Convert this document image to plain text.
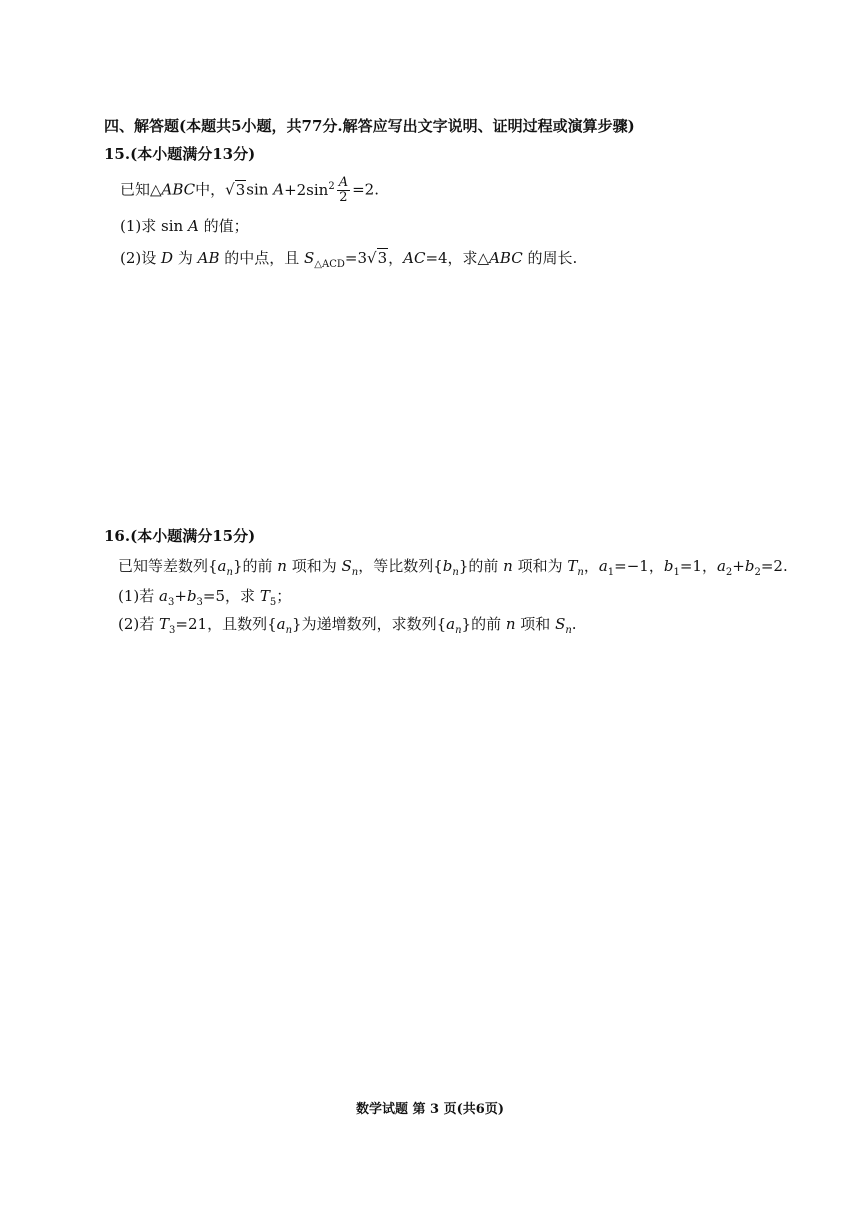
四、解答题(本题共5小题，共77分.解答应写出文字说明、证明过程或演算步骤)
15.(本小题满分13分)
已知△ABC中，√3sin $A+2\sin^2 \frac{A}{2} =2$.
(1)求 sin A 的值；
(2)设 D 为 AB 的中点，且 $S_{\triangle ACD}=3√3$，AC=4，求△ABC 的周长.
16.(本小题满分15分)
已知等差数列$\{a_n\}$的前 n 项和为 $S_n$，等比数列$\{b_n\}$的前 n 项和为 $T_n$，$a_1=-1$，$b_1=1$，$a_2+b_2=2$.
(1)若 $a_3+b_3=5$，求 $T_5$；
(2)若 $T_3=21$，且数列$\{a_n\}$为递增数列，求数列$\{a_n\}$的前 n 项和 $S_n$.
数学试题 第 3 页(共6页)
